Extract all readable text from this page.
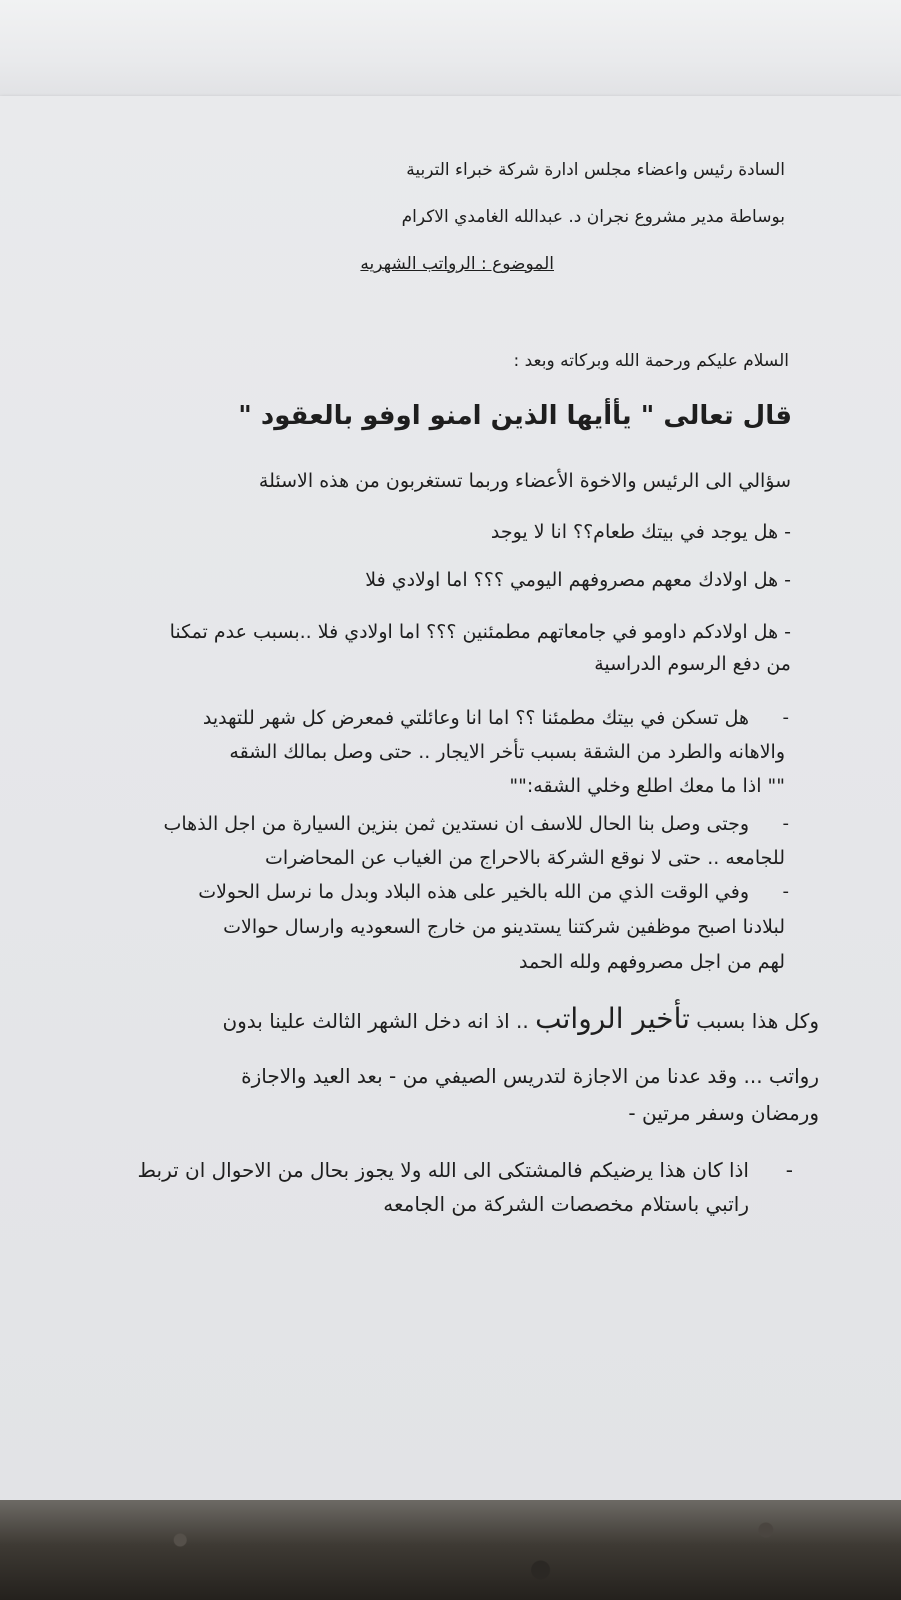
السادة رئيس واعضاء مجلس ادارة شركة خبراء التربية
بوساطة مدير مشروع نجران د. عبدالله الغامدي الاكرام
الموضوع : الرواتب الشهريه
السلام عليكم ورحمة الله وبركاته وبعد :
قال تعالى " يأأيها الذين امنو اوفو بالعقود "
سؤالي الى الرئيس والاخوة الأعضاء وربما تستغربون من هذه الاسئلة
- هل يوجد في بيتك طعام؟؟ انا لا يوجد
- هل اولادك معهم مصروفهم اليومي ؟؟؟ اما اولادي فلا
- هل اولادكم داومو في جامعاتهم مطمئنين ؟؟؟ اما اولادي فلا ..بسبب عدم تمكنا
من دفع الرسوم الدراسية
-
هل تسكن في بيتك مطمئنا ؟؟ اما انا وعائلتي فمعرض كل شهر للتهديد
والاهانه والطرد من الشقة بسبب تأخر الايجار .. حتى وصل بمالك الشقه
"" اذا ما معك اطلع وخلي الشقه:""
-
وجتى وصل بنا الحال للاسف ان نستدين ثمن بنزين السيارة من اجل الذهاب
للجامعه .. حتى لا نوقع الشركة بالاحراج من الغياب عن المحاضرات
-
وفي الوقت الذي من الله بالخير على هذه البلاد وبدل ما نرسل الحولات
لبلادنا اصبح موظفين شركتنا يستدينو من خارج السعوديه وارسال حوالات
لهم من اجل مصروفهم ولله الحمد
وكل هذا بسبب تأخير الرواتب .. اذ انه دخل الشهر الثالث علينا بدون
رواتب ... وقد عدنا من الاجازة لتدريس الصيفي من - بعد العيد والاجازة
ورمضان وسفر مرتين -
-
اذا كان هذا يرضيكم فالمشتكى الى الله ولا يجوز بحال من الاحوال ان تربط
راتبي باستلام مخصصات الشركة من الجامعه
